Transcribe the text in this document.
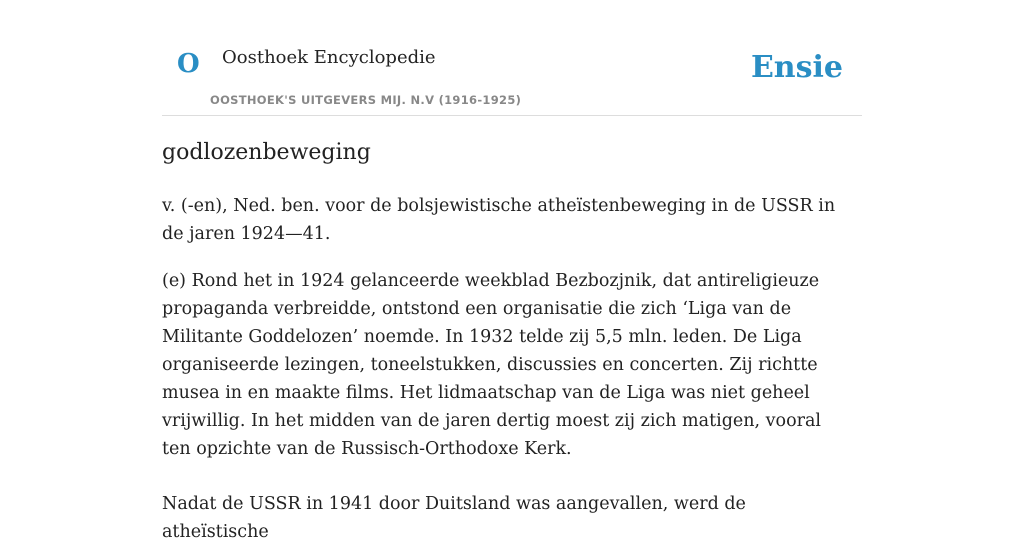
O Oosthoek Encyclopedie
OOSTHOEK'S UITGEVERS MIJ. N.V (1916-1925)
Ensie
godlozenbeweging

v. (-en), Ned. ben. voor de bolsjewistische atheïstenbeweging in de USSR in de jaren 1924—41.

(e) Rond het in 1924 gelanceerde weekblad Bezbozjnik, dat antireligieuze propaganda verbreidde, ontstond een organisatie die zich ‘Liga van de Militante Goddelozen’ noemde. In 1932 telde zij 5,5 mln. leden. De Liga organiseerde lezingen, toneelstukken, discussies en concerten. Zij richtte musea in en maakte films. Het lidmaatschap van de Liga was niet geheel vrijwillig. In het midden van de jaren dertig moest zij zich matigen, vooral ten opzichte van de Russisch-Orthodoxe Kerk.

Nadat de USSR in 1941 door Duitsland was aangevallen, werd de atheïstische
